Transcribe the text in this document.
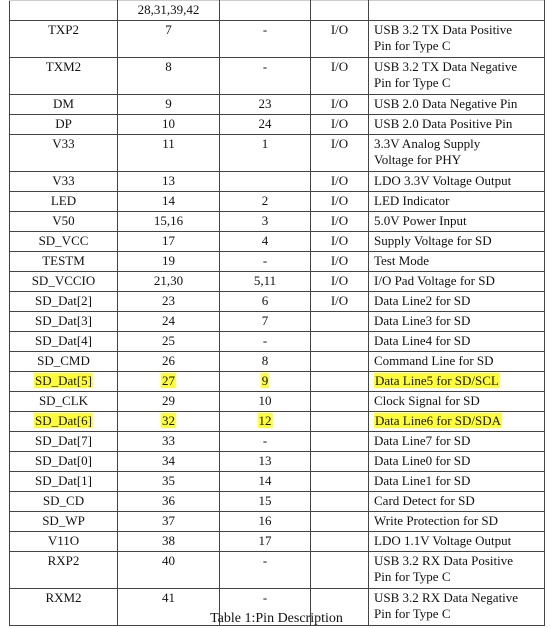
	28,31,39,42			
TXP2	7	-	I/O	USB 3.2 TX Data Positive
Pin for Type C
TXM2	8	-	I/O	USB 3.2 TX Data Negative
Pin for Type C
DM	9	23	I/O	USB 2.0 Data Negative Pin
DP	10	24	I/O	USB 2.0 Data Positive Pin
V33	11	1	I/O	3.3V Analog Supply
Voltage for PHY
V33	13		I/O	LDO 3.3V Voltage Output
LED	14	2	I/O	LED Indicator
V50	15,16	3	I/O	5.0V Power Input
SD_VCC	17	4	I/O	Supply Voltage for SD
TESTM	19	-	I/O	Test Mode
SD_VCCIO	21,30	5,11	I/O	I/O Pad Voltage for SD
SD_Dat[2]	23	6	I/O	Data Line2 for SD
SD_Dat[3]	24	7		Data Line3 for SD
SD_Dat[4]	25	-		Data Line4 for SD
SD_CMD	26	8		Command Line for SD
SD_Dat[5]	27	9		Data Line5 for SD/SCL
SD_CLK	29	10		Clock Signal for SD
SD_Dat[6]	32	12		Data Line6 for SD/SDA
SD_Dat[7]	33	-		Data Line7 for SD
SD_Dat[0]	34	13		Data Line0 for SD
SD_Dat[1]	35	14		Data Line1 for SD
SD_CD	36	15		Card Detect for SD
SD_WP	37	16		Write Protection for SD
V11O	38	17		LDO 1.1V Voltage Output
RXP2	40	-		USB 3.2 RX Data Positive
Pin for Type C
RXM2	41	-		USB 3.2 RX Data Negative
Pin for Type C
Table 1:Pin Description
